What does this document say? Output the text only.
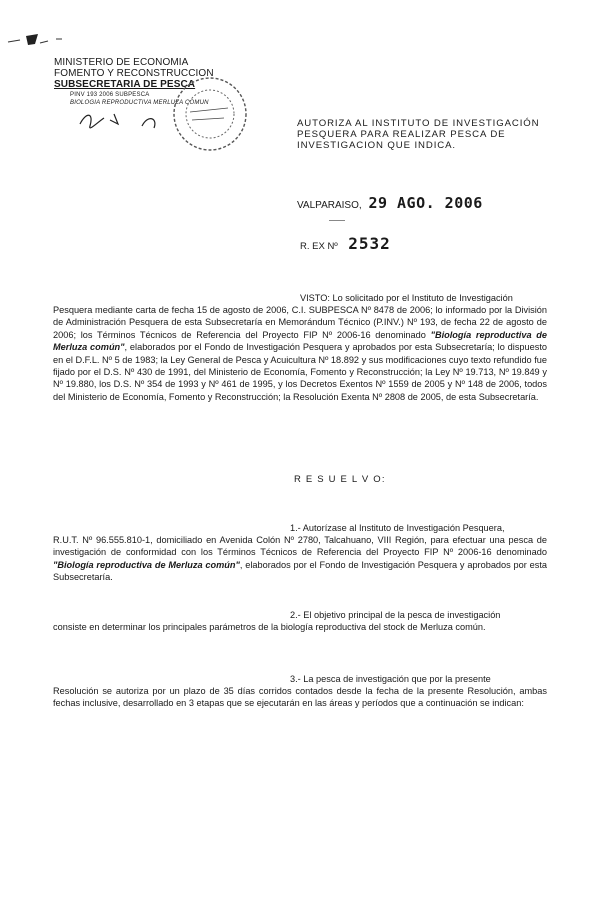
MINISTERIO DE ECONOMIA
FOMENTO Y RECONSTRUCCION
SUBSECRETARIA DE PESCA
PINV 193 2006 SUBPESCA
BIOLOGIA REPRODUCTIVA MERLUZA COMUN
AUTORIZA AL INSTITUTO DE INVESTIGACIÓN
PESQUERA PARA REALIZAR PESCA DE
INVESTIGACION QUE INDICA.
VALPARAISO, 29 AGO. 2006
R. EX Nº 2532
VISTO: Lo solicitado por el Instituto de Investigación
Pesquera mediante carta de fecha 15 de agosto de 2006, C.I. SUBPESCA Nº 8478 de 2006; lo informado por la División de Administración Pesquera de esta Subsecretaría en Memorándum Técnico (P.INV.) Nº 193, de fecha 22 de agosto de 2006; los Términos Técnicos de Referencia del Proyecto FIP Nº 2006-16 denominado "Biología reproductiva de Merluza común", elaborados por el Fondo de Investigación Pesquera y aprobados por esta Subsecretaría; lo dispuesto en el D.F.L. Nº 5 de 1983; la Ley General de Pesca y Acuicultura Nº 18.892 y sus modificaciones cuyo texto refundido fue fijado por el D.S. Nº 430 de 1991, del Ministerio de Economía, Fomento y Reconstrucción; la Ley Nº 19.713, Nº 19.849 y Nº 19.880, los D.S. Nº 354 de 1993 y Nº 461 de 1995, y los Decretos Exentos Nº 1559 de 2005 y Nº 148 de 2006, todos del Ministerio de Economía, Fomento y Reconstrucción; la Resolución Exenta Nº 2808 de 2005, de esta Subsecretaría.
R E S U E L V O:
1.- Autorízase al Instituto de Investigación Pesquera,
R.U.T. Nº 96.555.810-1, domiciliado en Avenida Colón Nº 2780, Talcahuano, VIII Región, para efectuar una pesca de investigación de conformidad con los Términos Técnicos de Referencia del Proyecto FIP Nº 2006-16 denominado "Biología reproductiva de Merluza común", elaborados por el Fondo de Investigación Pesquera y aprobados por esta Subsecretaría.
2.- El objetivo principal de la pesca de investigación
consiste en determinar los principales parámetros de la biología reproductiva del stock de Merluza común.
3.- La pesca de investigación que por la presente
Resolución se autoriza por un plazo de 35 días corridos contados desde la fecha de la presente Resolución, ambas fechas inclusive, desarrollado en 3 etapas que se ejecutarán en las áreas y períodos que a continuación se indican:
